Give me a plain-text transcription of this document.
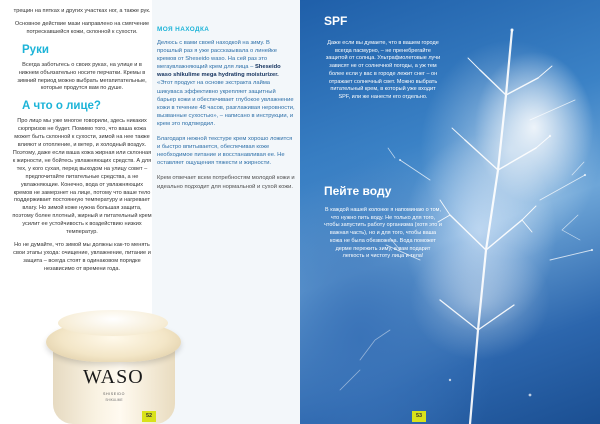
трещин на пятках и других участках ног, а также рук.

Основное действие мази направлено на смягчение потрескавшейся кожи, склонной к сухости.

Руки

Всегда заботьтесь о своих руках, на улице и в нижнем объязательно носите перчатки. Кремы в зимний период можно выбрать мегапитательные, которые продутся вам по душе.

А что о лице?

Про лицо мы уже многое говорили, здесь никаких сюрпризов не будет. Помимо того, что ваша кожа может быть склонной к сухости, зимой на нее также влияют и отопление, и ветер, и холодный воздух. Поэтому, даже если ваша кожа жирная или склонная к жирности, не бойтесь увлажняющих средств. А для тех, у кого сухая, перед выходом на улицу совет – предпочитайте питательные средства, а не увлажняющие. Конечно, вода от увлажняющих кремов не замерзнет на лице, потому что ваше тело поддерживает постоянную температуру и нагревает влагу. Но зимой коже нужна большая защита, поэтому более плотный, жирный и питательный крем усилит ее устойчивость к воздействию низких температур.

Но не думайте, что зимой мы должны как-то менять свои этапы ухода: очищение, увлажнение, питание и защита – всегда стоят в одинаковом порядке независимо от времени года.

МОЯ НАХОДКА

Делюсь с вами своей находкой на зиму. В прошлый раз я уже рассказывала о линейке кремов от Sheseido waso. На сей раз это мегаувлажняющий крем для лица – Sheseido waso shikulime mega hydrating moisturizer. «Этот продукт на основе экстракта лайма шикуваса эффективно укрепляет защитный барьер кожи и обеспечивает глубокое увлажнение кожи в течение 48 часов, разглаживая неровности, вызванные сухостью», – написано в инструкции, и крем это подтвердил.

Благодаря нежной текстуре крем хорошо ложится и быстро впитывается, обеспечивая коже необходимое питание и восстанавливая ее. Не оставляет ощущения тяжести и жирности.

Крем отвечает всем потребностям молодой кожи и идеально подходит для нормальной и сухой кожи.

WASO
SHISEIDO
SHIKULIME
52
SPF
Даже если вы думаете, что в вашем городе всегда пасмурно, – не пренебрегайте защитой от солнца. Ультрафиолетовые лучи зависят не от солнечной погоды, а уж тем более если у вас в городе лежит снег – он отражает солнечный свет. Можно выбрать питательный крем, в который уже входит SPF, или же нанести его отдельно.
Пейте воду
В каждой нашей колонке я напоминаю о том, что нужно пить воду. Не только для того, чтобы запустить работу организма (хотя это и важная часть), но и для того, чтобы ваша кожа не была обезвожена. Вода поможет дерме пережить зиму, а вам подарит легкость и чистоту лица и тела!
53
